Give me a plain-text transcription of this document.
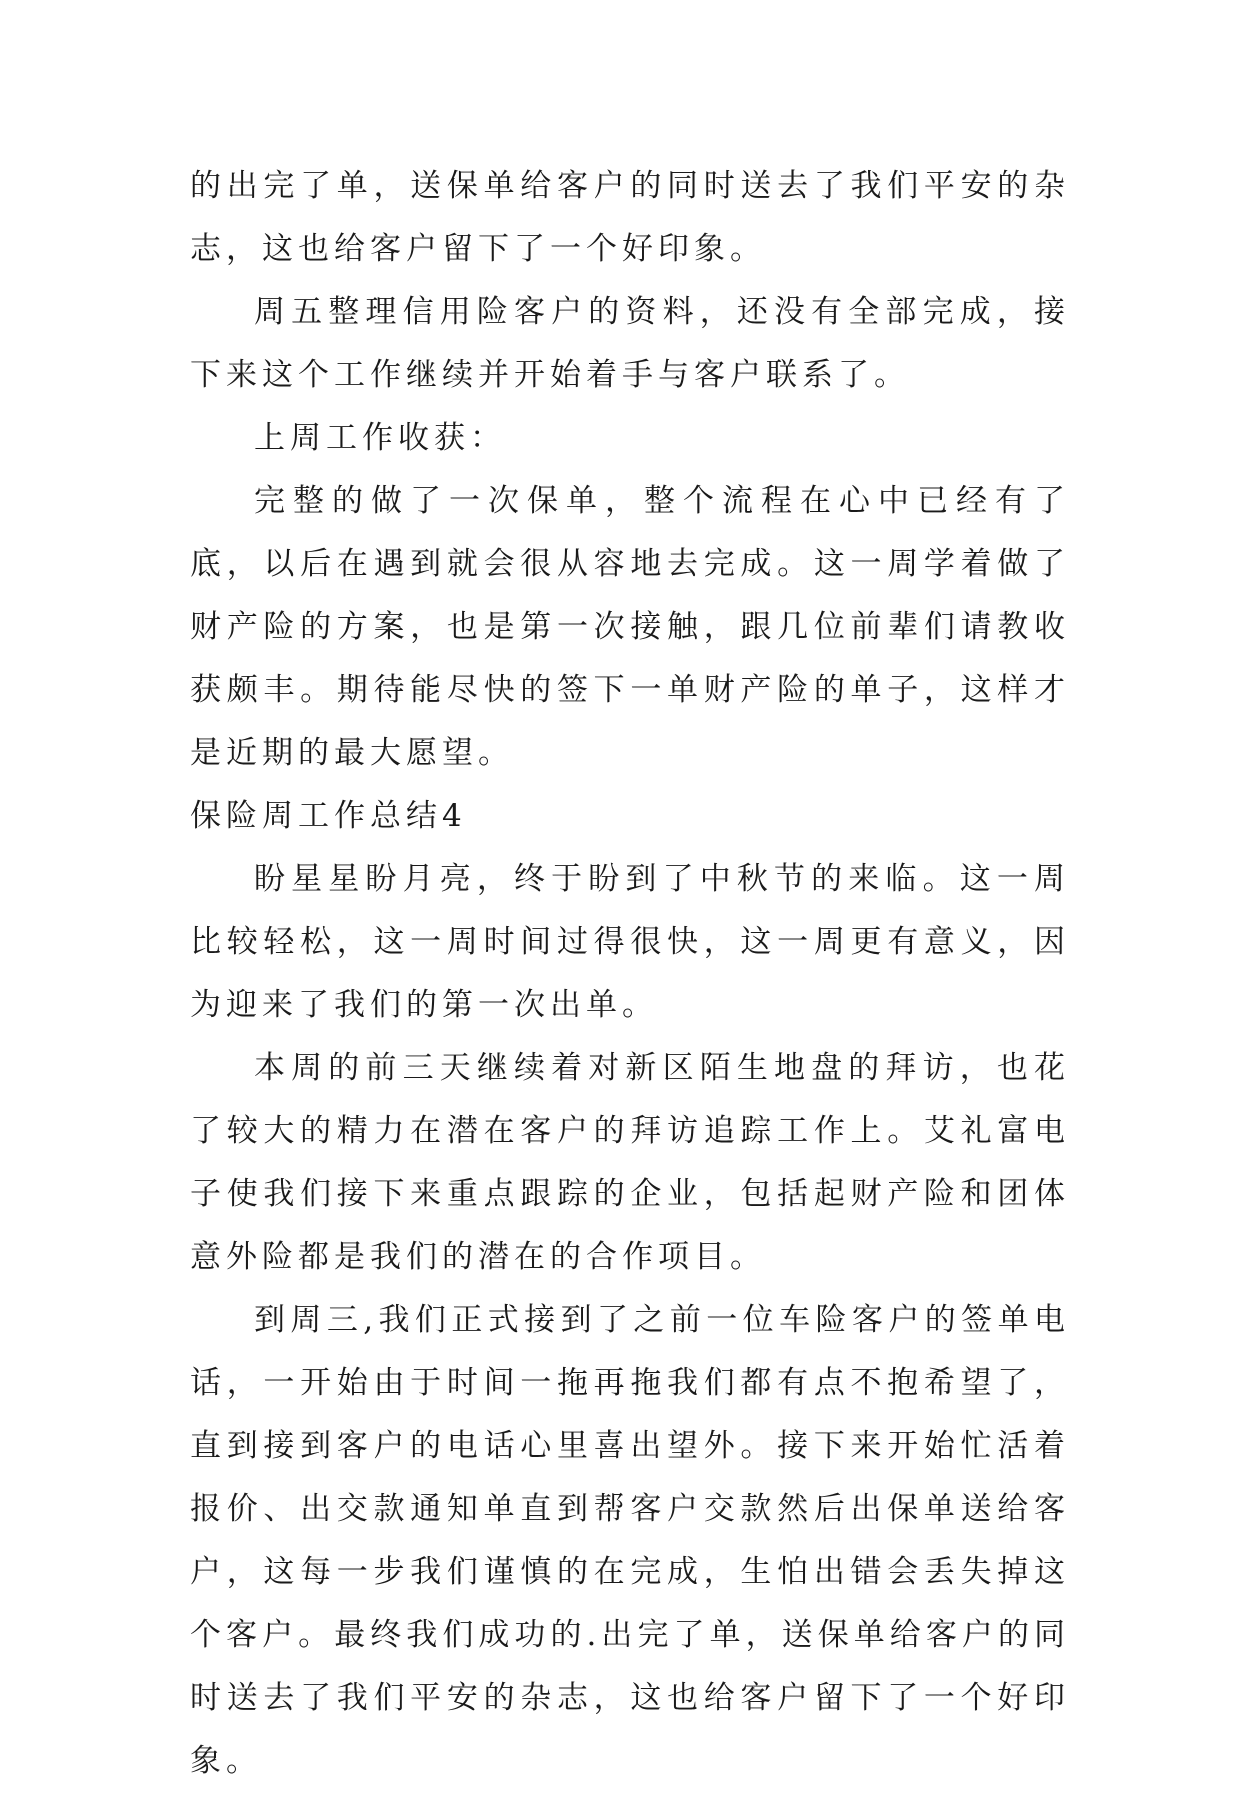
的出完了单，送保单给客户的同时送去了我们平安的杂志，这也给客户留下了一个好印象。

周五整理信用险客户的资料，还没有全部完成，接下来这个工作继续并开始着手与客户联系了。

上周工作收获：

完整的做了一次保单，整个流程在心中已经有了底，以后在遇到就会很从容地去完成。这一周学着做了财产险的方案，也是第一次接触，跟几位前辈们请教收获颇丰。期待能尽快的签下一单财产险的单子，这样才是近期的最大愿望。

保险周工作总结4

盼星星盼月亮，终于盼到了中秋节的来临。这一周比较轻松，这一周时间过得很快，这一周更有意义，因为迎来了我们的第一次出单。

本周的前三天继续着对新区陌生地盘的拜访，也花了较大的精力在潜在客户的拜访追踪工作上。艾礼富电子使我们接下来重点跟踪的企业，包括起财产险和团体意外险都是我们的潜在的合作项目。

到周三,我们正式接到了之前一位车险客户的签单电话，一开始由于时间一拖再拖我们都有点不抱希望了，直到接到客户的电话心里喜出望外。接下来开始忙活着报价、出交款通知单直到帮客户交款然后出保单送给客户，这每一步我们谨慎的在完成，生怕出错会丢失掉这个客户。最终我们成功的.出完了单，送保单给客户的同时送去了我们平安的杂志，这也给客户留下了一个好印象。
